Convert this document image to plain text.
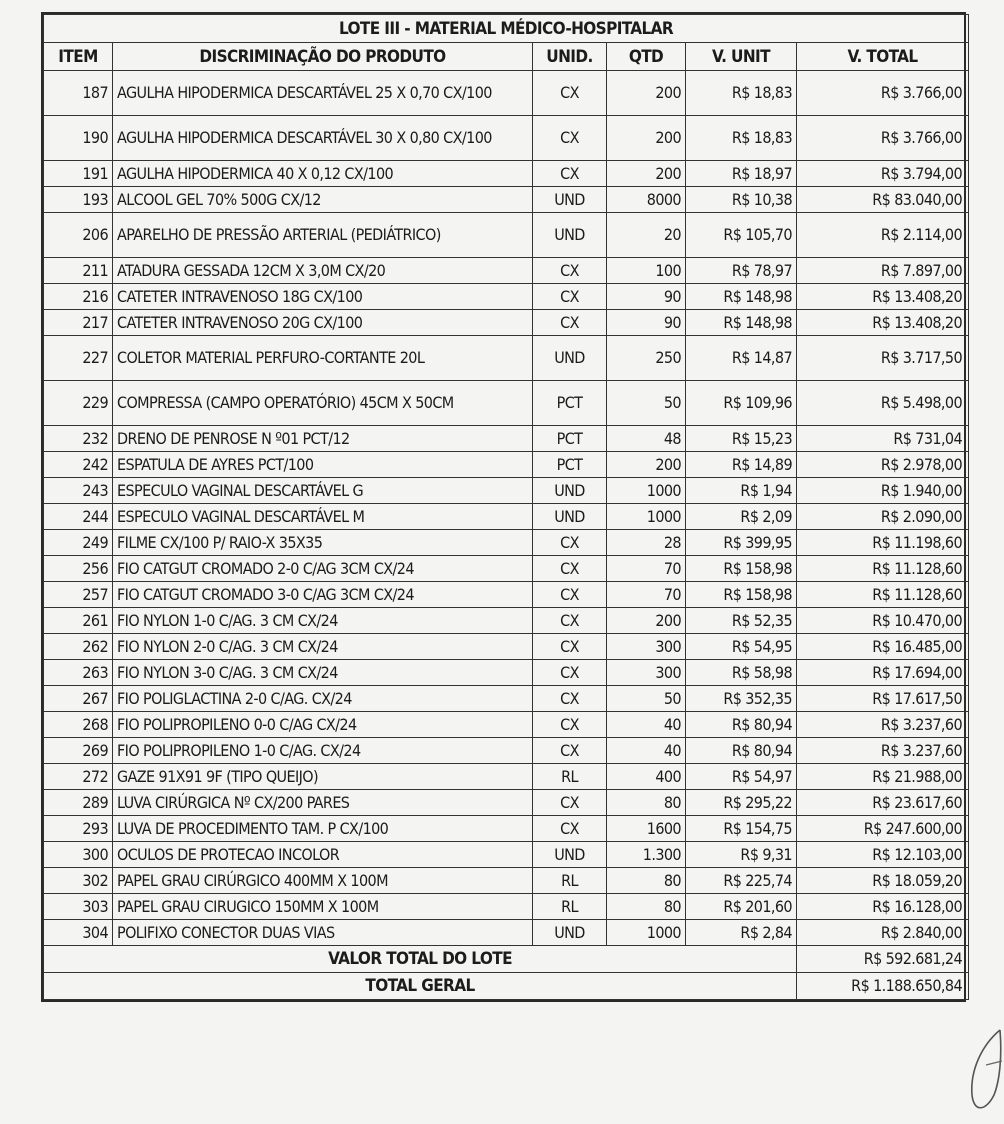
LOTE III - MATERIAL MÉDICO-HOSPITALAR					
ITEM	DISCRIMINAÇÃO DO PRODUTO	UNID.	QTD	V. UNIT	V. TOTAL
187	AGULHA HIPODERMICA DESCARTÁVEL 25 X 0,70 CX/100	CX	200	R$ 18,83	R$ 3.766,00
190	AGULHA HIPODERMICA DESCARTÁVEL 30 X 0,80 CX/100	CX	200	R$ 18,83	R$ 3.766,00
191	AGULHA HIPODERMICA 40 X 0,12 CX/100	CX	200	R$ 18,97	R$ 3.794,00
193	ALCOOL GEL 70% 500G CX/12	UND	8000	R$ 10,38	R$ 83.040,00
206	APARELHO DE PRESSÃO ARTERIAL (PEDIÁTRICO)	UND	20	R$ 105,70	R$ 2.114,00
211	ATADURA GESSADA 12CM X 3,0M CX/20	CX	100	R$ 78,97	R$ 7.897,00
216	CATETER INTRAVENOSO 18G CX/100	CX	90	R$ 148,98	R$ 13.408,20
217	CATETER INTRAVENOSO 20G CX/100	CX	90	R$ 148,98	R$ 13.408,20
227	COLETOR MATERIAL PERFURO-CORTANTE 20L	UND	250	R$ 14,87	R$ 3.717,50
229	COMPRESSA (CAMPO OPERATÓRIO) 45CM X 50CM	PCT	50	R$ 109,96	R$ 5.498,00
232	DRENO DE PENROSE N º01 PCT/12	PCT	48	R$ 15,23	R$ 731,04
242	ESPATULA DE AYRES PCT/100	PCT	200	R$ 14,89	R$ 2.978,00
243	ESPECULO VAGINAL DESCARTÁVEL G	UND	1000	R$ 1,94	R$ 1.940,00
244	ESPECULO VAGINAL DESCARTÁVEL M	UND	1000	R$ 2,09	R$ 2.090,00
249	FILME CX/100 P/ RAIO-X 35X35	CX	28	R$ 399,95	R$ 11.198,60
256	FIO CATGUT CROMADO 2-0 C/AG 3CM CX/24	CX	70	R$ 158,98	R$ 11.128,60
257	FIO CATGUT CROMADO 3-0 C/AG 3CM CX/24	CX	70	R$ 158,98	R$ 11.128,60
261	FIO NYLON 1-0 C/AG. 3 CM CX/24	CX	200	R$ 52,35	R$ 10.470,00
262	FIO NYLON 2-0 C/AG. 3 CM CX/24	CX	300	R$ 54,95	R$ 16.485,00
263	FIO NYLON 3-0 C/AG. 3 CM CX/24	CX	300	R$ 58,98	R$ 17.694,00
267	FIO POLIGLACTINA 2-0 C/AG. CX/24	CX	50	R$ 352,35	R$ 17.617,50
268	FIO POLIPROPILENO 0-0 C/AG CX/24	CX	40	R$ 80,94	R$ 3.237,60
269	FIO POLIPROPILENO 1-0 C/AG. CX/24	CX	40	R$ 80,94	R$ 3.237,60
272	GAZE 91X91 9F (TIPO QUEIJO)	RL	400	R$ 54,97	R$ 21.988,00
289	LUVA CIRÚRGICA Nº CX/200 PARES	CX	80	R$ 295,22	R$ 23.617,60
293	LUVA DE PROCEDIMENTO TAM. P CX/100	CX	1600	R$ 154,75	R$ 247.600,00
300	OCULOS DE PROTECAO INCOLOR	UND	1.300	R$ 9,31	R$ 12.103,00
302	PAPEL GRAU CIRÚRGICO 400MM X 100M	RL	80	R$ 225,74	R$ 18.059,20
303	PAPEL GRAU CIRUGICO 150MM X 100M	RL	80	R$ 201,60	R$ 16.128,00
304	POLIFIXO CONECTOR DUAS VIAS	UND	1000	R$ 2,84	R$ 2.840,00
VALOR TOTAL DO LOTE					R$ 592.681,24
TOTAL GERAL					R$ 1.188.650,84
